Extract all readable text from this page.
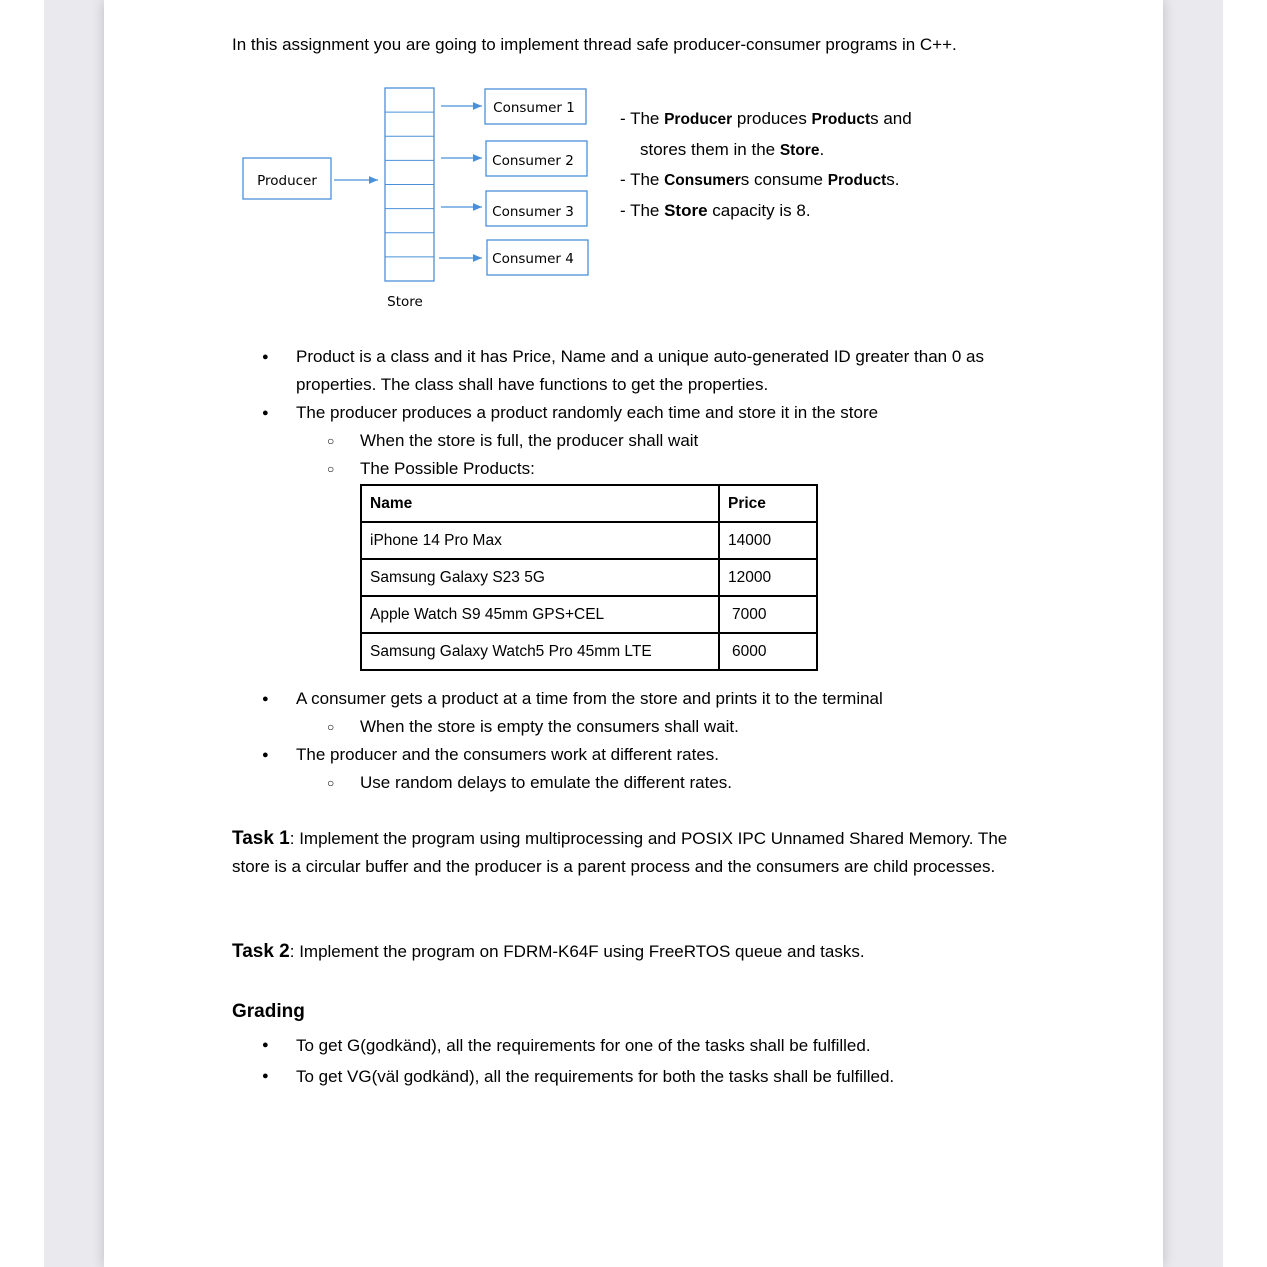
In this assignment you are going to implement thread safe producer-consumer programs in C++.
Producer
Store
Consumer 1
Consumer 2
Consumer 3
Consumer 4
- The Producer produces Products and
stores them in the Store.
- The Consumers consume Products.
- The Store capacity is 8.
● Product is a class and it has Price, Name and a unique auto-generated ID greater than 0 as properties. The class shall have functions to get the properties.
● The producer produces a product randomly each time and store it in the store
○ When the store is full, the producer shall wait
○ The Possible Products:
Name	Price
iPhone 14 Pro Max	14000
Samsung Galaxy S23 5G	12000
Apple Watch S9 45mm GPS+CEL	7000
Samsung Galaxy Watch5 Pro 45mm LTE	6000
● A consumer gets a product at a time from the store and prints it to the terminal
○ When the store is empty the consumers shall wait.
● The producer and the consumers work at different rates.
○ Use random delays to emulate the different rates.
Task 1: Implement the program using multiprocessing and POSIX IPC Unnamed Shared Memory. The store is a circular buffer and the producer is a parent process and the consumers are child processes.
Task 2: Implement the program on FDRM-K64F using FreeRTOS queue and tasks.
Grading
● To get G(godkänd), all the requirements for one of the tasks shall be fulfilled.
● To get VG(väl godkänd), all the requirements for both the tasks shall be fulfilled.
